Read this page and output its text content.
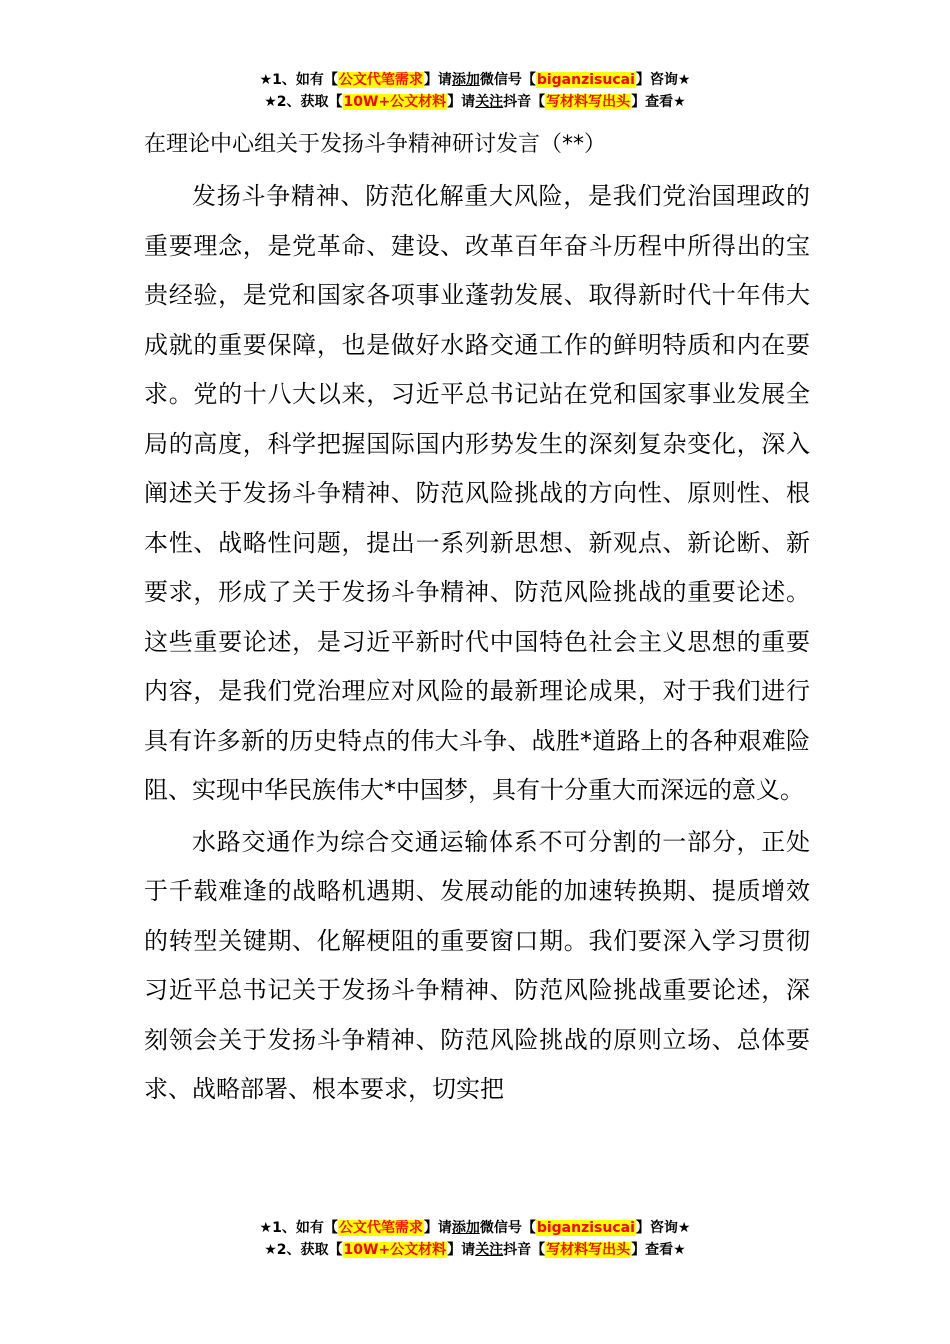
★1、如有【公文代笔需求】请添加微信号【biganzisucai】咨询★
★2、获取【10W+公文材料】请关注抖音【写材料写出头】查看★
在理论中心组关于发扬斗争精神研讨发言（**）

发扬斗争精神、防范化解重大风险，是我们党治国理政的重要理念，是党革命、建设、改革百年奋斗历程中所得出的宝贵经验，是党和国家各项事业蓬勃发展、取得新时代十年伟大成就的重要保障，也是做好水路交通工作的鲜明特质和内在要求。党的十八大以来，习近平总书记站在党和国家事业发展全局的高度，科学把握国际国内形势发生的深刻复杂变化，深入阐述关于发扬斗争精神、防范风险挑战的方向性、原则性、根本性、战略性问题，提出一系列新思想、新观点、新论断、新要求，形成了关于发扬斗争精神、防范风险挑战的重要论述。这些重要论述，是习近平新时代中国特色社会主义思想的重要内容，是我们党治理应对风险的最新理论成果，对于我们进行具有许多新的历史特点的伟大斗争、战胜*道路上的各种艰难险阻、实现中华民族伟大*中国梦，具有十分重大而深远的意义。

水路交通作为综合交通运输体系不可分割的一部分，正处于千载难逢的战略机遇期、发展动能的加速转换期、提质增效的转型关键期、化解梗阻的重要窗口期。我们要深入学习贯彻习近平总书记关于发扬斗争精神、防范风险挑战重要论述，深刻领会关于发扬斗争精神、防范风险挑战的原则立场、总体要求、战略部署、根本要求，切实把

★1、如有【公文代笔需求】请添加微信号【biganzisucai】咨询★
★2、获取【10W+公文材料】请关注抖音【写材料写出头】查看★
